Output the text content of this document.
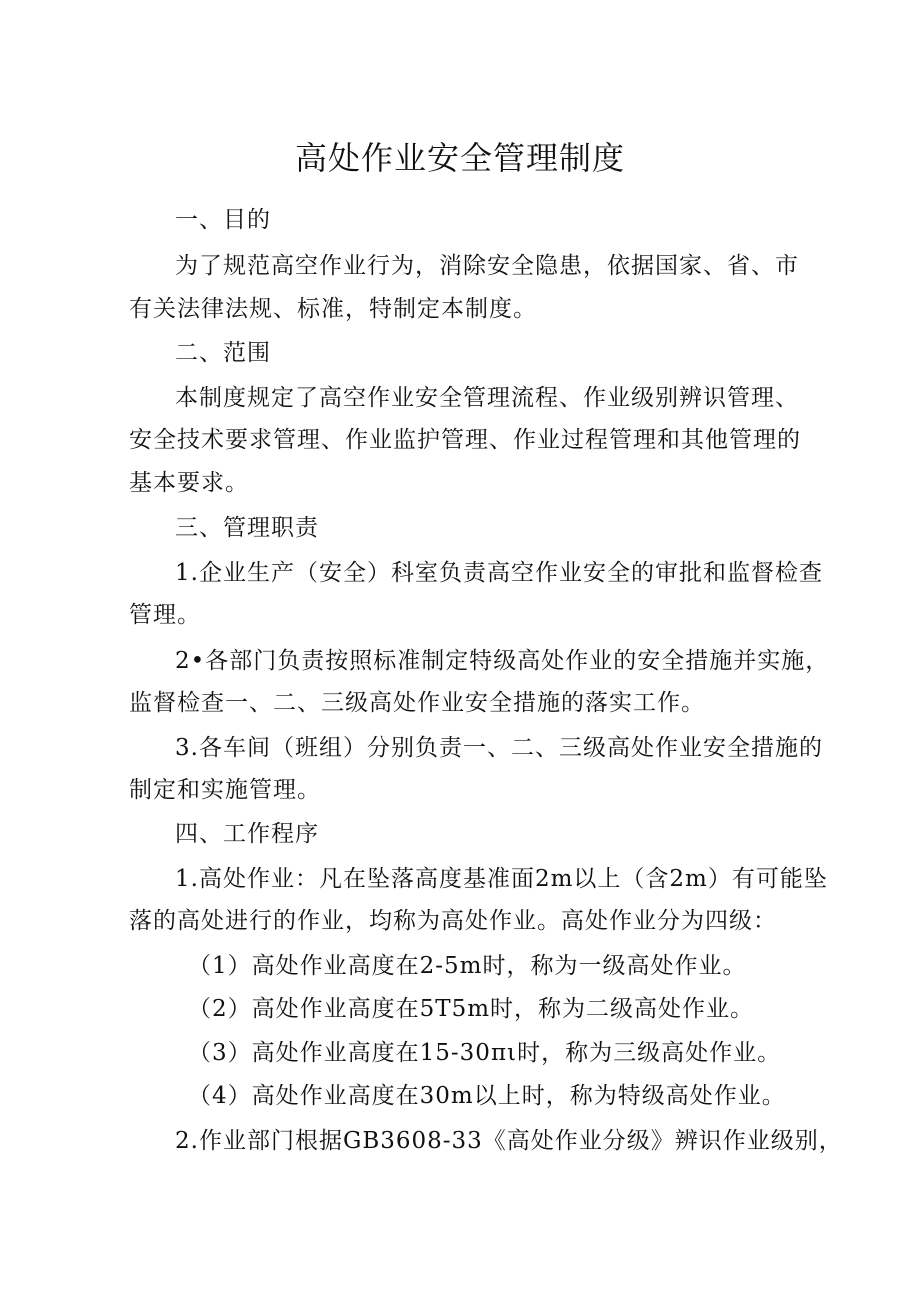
高处作业安全管理制度
一、目的
为了规范高空作业行为，消除安全隐患，依据国家、省、市
有关法律法规、标准，特制定本制度。
二、范围
本制度规定了高空作业安全管理流程、作业级别辨识管理、
安全技术要求管理、作业监护管理、作业过程管理和其他管理的
基本要求。
三、管理职责
1.企业生产（安全）科室负责高空作业安全的审批和监督检查
管理。
2•各部门负责按照标准制定特级高处作业的安全措施并实施，
监督检查一、二、三级高处作业安全措施的落实工作。
3.各车间（班组）分别负责一、二、三级高处作业安全措施的
制定和实施管理。
四、工作程序
1.高处作业：凡在坠落高度基准面2m以上（含2m）有可能坠
落的高处进行的作业，均称为高处作业。高处作业分为四级：
（1）高处作业高度在2-5m时，称为一级高处作业。
（2）高处作业高度在5T5m时，称为二级高处作业。
（3）高处作业高度在15-30πι时，称为三级高处作业。
（4）高处作业高度在30m以上时，称为特级高处作业。
2.作业部门根据GB3608-33《高处作业分级》辨识作业级别，
